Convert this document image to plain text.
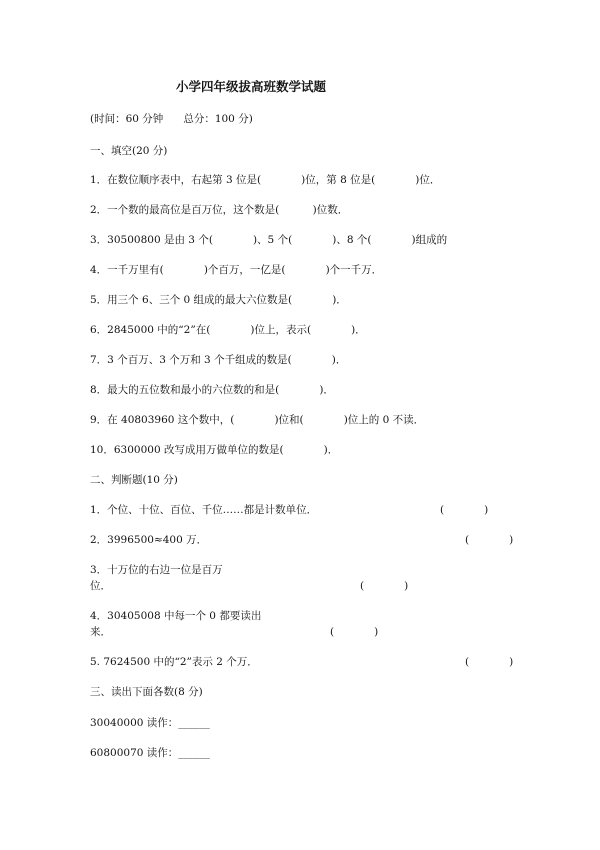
小学四年级拔高班数学试题
(时间：60 分钟      总分：100 分)
一、填空(20 分)
1．在数位顺序表中，右起第 3 位是(            )位，第 8 位是(            )位．
2．一个数的最高位是百万位，这个数是(          )位数．
3．30500800 是由 3 个(            )、5 个(            )、8 个(            )组成的
4．一千万里有(            )个百万，一亿是(            )个一千万．
5．用三个 6、三个 0 组成的最大六位数是(            )．
6．2845000 中的“2”在(            )位上，表示(            )．
7．3 个百万、3 个万和 3 个千组成的数是(            )．
8．最大的五位数和最小的六位数的和是(            )．
9．在 40803960 这个数中，(            )位和(            )位上的 0 不读．
10．6300000 改写成用万做单位的数是(            )．
二、判断题(10 分)
1．个位、十位、百位、千位……都是计数单位．	(            )
2．3996500≈400 万．	(            )
3．十万位的右边一位是百万
位．	(            )
4．30405008 中每一个 0 都要读出
来．	(            )
5. 7624500 中的“2”表示 2 个万．	(            )
三、读出下面各数(8 分)
30040000 读作：______
60800070 读作：______
